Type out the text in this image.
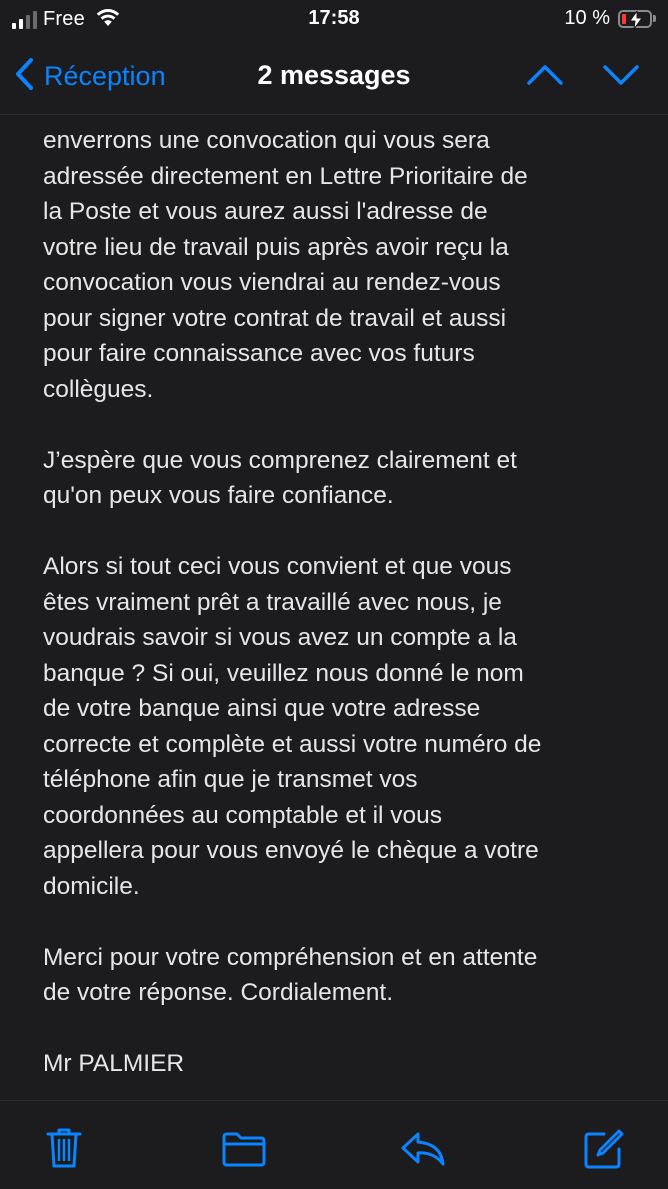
Free	17:58	10 %
Réception	2 messages
enverrons une convocation qui vous sera
adressée directement en Lettre Prioritaire de
la Poste et vous aurez aussi l'adresse de
votre lieu de travail puis après avoir reçu la
convocation vous viendrai au rendez-vous
pour signer votre contrat de travail et aussi
pour faire connaissance avec vos futurs
collègues.
J’espère que vous comprenez clairement et
qu'on peux vous faire confiance.
Alors si tout ceci vous convient et que vous
êtes vraiment prêt a travaillé avec nous, je
voudrais savoir si vous avez un compte a la
banque ? Si oui, veuillez nous donné le nom
de votre banque ainsi que votre adresse
correcte et complète et aussi votre numéro de
téléphone afin que je transmet vos
coordonnées au comptable et il vous
appellera pour vous envoyé le chèque a votre
domicile.
Merci pour votre compréhension et en attente
de votre réponse. Cordialement.
Mr PALMIER
